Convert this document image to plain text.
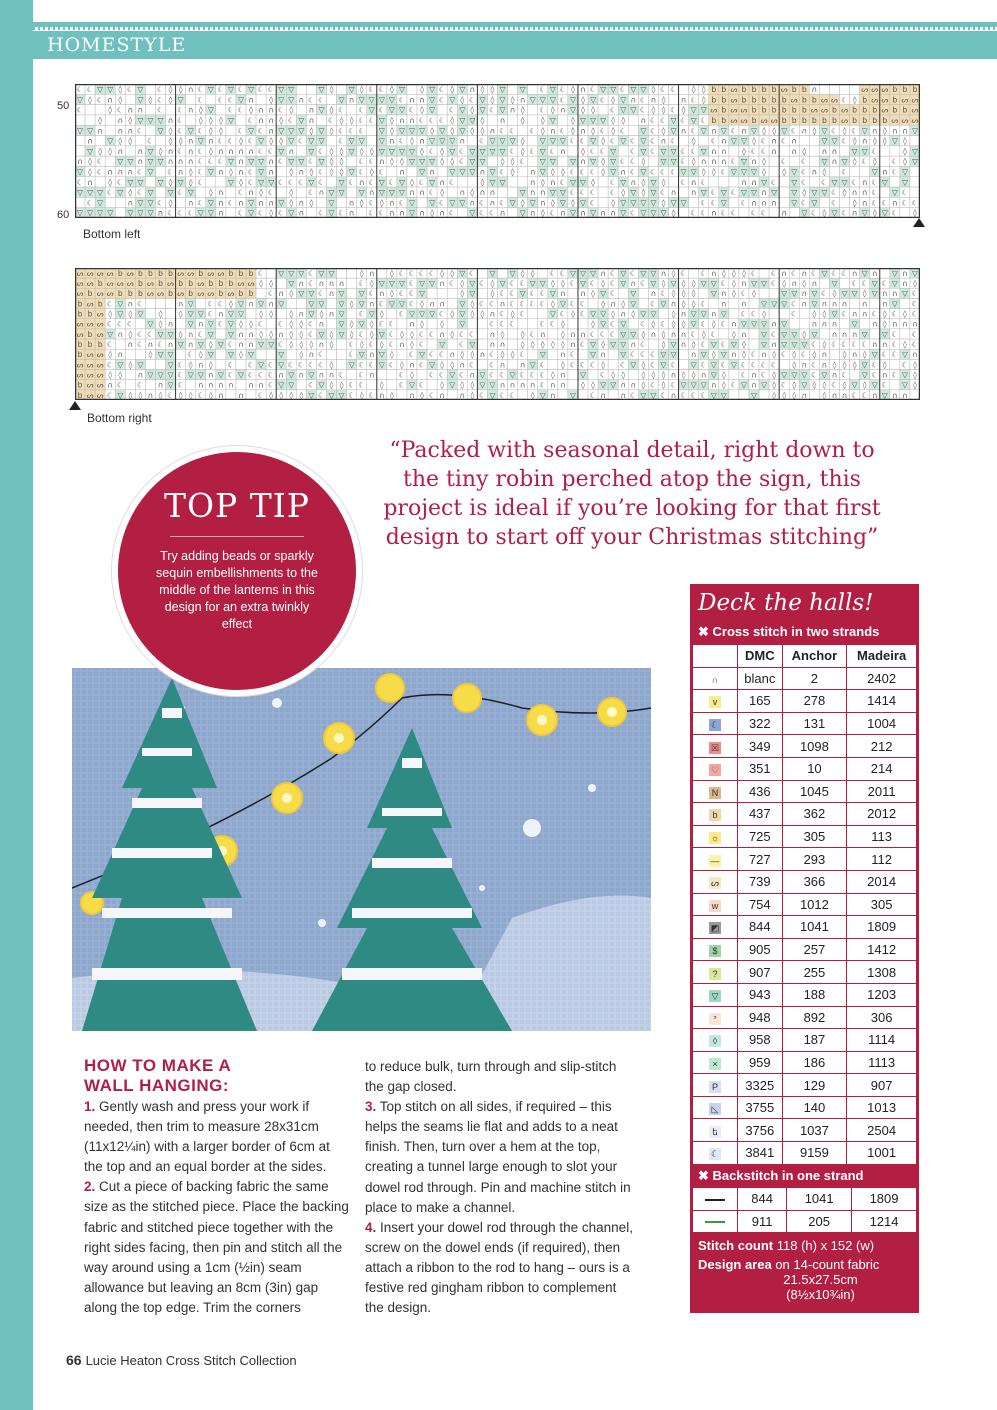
HOMESTYLE
50
60
☾ ☾ ▽ ▽ ◊ ☾ ▽ ☾ ◊ ◊ ∩ ☾ ▽ ☾ ▽ ☾ ▽ ☾ ☾ ▽ ▽	▽ ◊ ▽ ◊ ☾ ☾ ◊ ▽ ◊ ▽ ☾ ◊ ▽ ∩ ◊ ◊ ▽ ▽ ☾ ▽ ☾ ◊ ∩ ☾ ▽ ▽ ☾ ▽ ▽ ◊ ☾ ☾ ◊ ◊ b b ᔕ b b b b ᔕ b b ∩	ᔕ ᔕ ᔕ b b b
▽ ◊ ☾ ∩ ◊ ▽ ◊ ☾ ◊ ▽ ☾ ☾ ☾ ▽ ∩ ◊ ▽ ▽ ∩ ☾ ☾ ▽ ∩ ▽ ▽ ▽ ▽ ☾ ∩ ∩ ▽ ☾ ▽ ◊ ☾ ▽ ◊ ▽ ◊ ∩ ▽ ▽ ▽ ☾ ▽ ◊ ▽ ☾ ◊ ▽ ∩ ☾ ∩ ◊ ∩ ☾ ◊ b b ᔕ b b b b b ᔕ b b ᔕ ᔕ ☾ ◊ b ᔕ ᔕ b ᔕ ᔕ
☾	◊ ☾ ∩ ∩ ☾ ☾ ∩ ◊ ▽ ☾ ☾ ◊ ∩ ∩ ☾ ◊ ∩ ▽ ◊ ☾ ☾ ▽ ☾ ▽ ▽ ☾ ◊ ▽ ☾ ▽ ◊ ▽ ☾ ▽ ∩ ◊ ☾ ◊ ∩ ▽ ◊ ◊ ☾ ▽ ▽ ☾ ◊ ◊ ☾ ◊ ▽ ▽ ᔕ b ᔕ ᔕ b b b b b b ᔕ ᔕ b ᔕ b b b ᔕ b b ᔕ
◊ ∩ ◊ ▽ ▽ ▽ ∩ ☾ ◊ ◊ ◊ ▽ ☾ ∩ ∩ ◊ ☾ ▽ ∩ ☾ ◊ ◊ ☾ ☾ ▽ ◊ ∩ ∩ ☾ ☾ ☾ ◊ ▽ ▽ ◊ ∩ ◊ ◊ ▽ ◊ ▽ ▽ ▽ ◊ ◊ ∩ ☾ ☾ ▽ ☾ ▽ ☾ b b ᔕ ᔕ b ᔕ ᔕ b b b b b b ᔕ b b b b ᔕ ᔕ ᔕ
▽ ▽ ∩ ∩ ∩ ☾ ▽ ◊ ☾ ▽ ☾ ◊ ◊ ☾ ▽ ☾ ∩ ▽ ▽ ▽ ◊ ▽ ◊ ☾ ☾ ☾ ▽ ◊ ▽ ▽ ▽ ◊ ▽ ◊ ▽ ◊ ◊ ∩ ☾ ☾ ☾ ◊ ∩ ☾ ◊ ∩ ◊ ☾ ◊ ☾ ▽ ☾ ◊ ▽ ∩ ☾ ▽ ∩ ▽ ☾ ∩ ▽ ◊ ◊ ▽ ☾ ∩ ◊ ▽ ☾ ◊ ☾ ▽ ∩ ◊ ∩ ∩ ▽
∩ ▽ ◊ ◊ ☾ ◊ ◊ ∩ ▽ ∩ ☾ ☾ ◊ ☾ ▽ ◊ ◊ ▽ ☾ ▽ ▽ ☾ ▽ ▽ ▽ ∩ ☾ ◊ ∩ ▽ ▽ ▽ ∩ ☾ ▽ ▽ ▽ ◊ ▽ ▽ ▽ ☾ ☾ ▽ ◊ ☾ ▽ ☾ ▽ ☾ ∩ ☾ ◊ ☾ ∩ ▽ ▽ ◊ ☾ ∩ ☾ ∩	▽ ▽ ☾ ◊ ∩ ◊ ◊ ▽ ◊
▽ ◊ ◊ ∩ ∩ ▽ ◊ ∩ ☾ ∩ ☾ ◊ ∩ ∩ ∩ ∩ ☾ ☾ ▽ ∩ ▽ ☾ ◊ ◊ ▽ ◊ ◊ ▽ ▽ ▽ ▽ ◊ ☾ ◊ ▽ ☾ ▽ ▽ ▽ ▽ ☾ ◊ ☾ ▽ ☾ ∩ ◊ ☾ ☾ ▽ ☾ ▽ ☾ ▽ ▽ ☾ ☾ ▽ ∩ ∩ ◊ ☾ ☾ ∩ ∩ ◊ ∩ ∩ ▽ ▽ ☾	◊ ▽
∩ ◊ ☾ ▽ ▽ ∩ ▽ ▽ ∩ ∩ ∩ ☾ ☾ ☾ ▽ ∩ ▽ ▽ ∩ ☾ ▽ ▽ ☾ ▽ ◊ ◊ ☾ ☾ ∩ ◊ ◊ ▽ ▽ ▽ ◊ ◊ ☾ ▽ ▽ ◊ ◊ ☾ ▽ ▽ ▽ ∩ ▽ ◊ ▽ ☾ ☾ ◊ ▽ ▽ ☾ ◊ ∩ ∩ ∩ ☾ ▽ ∩ ◊ ☾ ☾ ▽ ∩ ▽ ◊ ☾ ◊ ☾ ◊ ▽
▽ ◊ ☾ ∩ ∩ ∩ ☾ ▽ ☾ ∩ ◊ ☾ ▽ ∩ ◊ ∩ ☾ ▽ ∩ ◊ ∩ ◊ ☾ ◊ ◊ ▽ ☾ ◊ ☾ ∩ ▽ ∩ ▽ ▽ ▽ ∩ ▽ ☾ ◊ ∩ ▽ ◊ ◊ ☾ ☾ ☾ ◊ ▽ ∩ ☾ ▽ ☾ ☾ ☾ ▽ ▽ ◊ ◊ ☾ ▽ ▽ ▽ ◊ ◊ ▽ ☾ ∩ ◊ ☾	▽ ∩ ☾ ▽
☾ ∩ ◊ ☾ ▽ ▽ ▽ ◊ ▽ ◊ ☾	▽ ◊ ☾ ▽ ▽ ☾ ☾ ☾ ▽ ☾ ▽ ☾ ∩ ☾ ▽ ☾ ▽ ◊ ☾ ▽ ∩ ☾	◊ ▽ ▽	∩ ◊ ∩ ☾ ▽ ▽ ◊ ☾ ▽ ∩ ◊ ▽ ◊ ☾ ∩ ☾	∩ ∩ ▽ ☾ ▽ ☾ ☾ ▽ ▽ ☾ ∩ ☾ ▽ ▽
▽ ▽ ▽ ☾ ▽ ◊ ☾ ▽ ▽ ☾ ▽ ◊ ∩ ☾ ∩ ◊ ☾ ◊ ☾ ∩ ▽ ▽ ▽ ∩ ▽ ▽ ▽ ∩ ∩ ☾ ◊ ∩ ◊ ∩ ∩	▽ ∩ ∩ ▽ ▽ ☾ ☾ ☾ ☾ ◊ ▽ ◊ ▽ ☾ ∩ ∩ ▽ ☾ ▽ ☾ ▽ ▽ ∩ ▽ ▽ ◊ ▽ ▽ ☾ ◊ ∩ ∩ ☾ ▽ ☾
☾ ▽	∩ ▽ ▽ ☾ ◊ ∩ ☾ ▽ ∩ ☾ ∩ ▽ ∩ ∩ ▽ ◊ ∩ ◊ ▽ ∩ ◊ ☾ ◊ ∩ ☾ ▽ ▽ ☾ ▽ ▽ ∩ ☾ ∩ ☾ ▽ ◊ ▽ ∩ ◊ ▽ ◊ ▽ ☾ ◊ ▽ ▽ ▽ ▽ ◊ ▽ ▽ ☾ ☾ ▽ ☾ ∩ ∩ ∩ ▽ ☾ ▽ ☾ ◊ ∩ ☾ ☾ ∩ ☾ ☾
▽ ▽ ▽ ▽ ▽ ▽ ▽ ∩ ☾ ☾ ☾ ▽ ▽ ∩ ☾ ▽ ☾ ◊ ☾ ▽ ∩ ☾ ▽ ☾ ∩ ☾ ☾ ∩ ∩ ▽ ∩ ◊ ∩ ☾ ▽ ☾ ☾ ∩ ▽ ∩ ◊ ☾ ∩ ▽ ∩ ▽ ∩ ∩ ▽ ☾ ▽ ▽ ▽ ◊ ☾ ☾ ∩ ☾ ☾ ☾ ☾ ∩ ▽ ☾ ◊ ▽ ☾ ∩ ▽ ◊ ▽ ☾ ◊
Bottom left
ᔕ ᔕ ᔕ ᔕ b ᔕ b b b b ᔕ ᔕ b ᔕ ᔕ b b b ☾ ▽ ▽ ▽ ☾ ▽ ▽	◊ ∩ ◊ ☾ ☾ ☾ ☾ ◊ ◊ ▽ ☾ ▽ ▽ ◊ ◊ ☾ ☾ ▽ ▽ ▽ ∩ ☾ ▽ ☾ ▽ ▽ ∩ ◊ ☾ ☾ ∩ ◊ ◊ ◊ ☾ ☾ ∩ ☾ ∩ ☾ ▽ ☾ ☾ ∩ ▽ ∩ ▽ ∩ ▽
ᔕ ᔕ b ᔕ ᔕ ᔕ b ᔕ b ᔕ b b ᔕ b b b ᔕ ᔕ ◊ ◊ ▽ ∩ ☾ ∩ ∩ ∩ ☾ ◊ ▽ ▽ ▽ ☾ ▽ ▽ ∩ ☾ ◊ ▽ ☾ ◊ ▽ ☾ ☾ ▽ ▽ ◊ ◊ ☾ ▽ ☾ ◊ ☾ ▽ ∩ ☾ ▽ ◊ ▽ ◊ ◊ ▽ ▽ ☾ ◊ ∩ ▽ ▽ ☾ ◊ ∩ ◊ ∩ ▽ ☾ ☾ ▽ ☾ ▽ ∩ ◊
ᔕ b ᔕ ᔕ b b b ᔕ ᔕ b ᔕ b ᔕ ᔕ b ᔕ b b ☾ ∩ ◊ ▽ ▽ ☾ ∩ ▽ ▽ ☾ ∩ ◊ ☾ ☾ ▽	◊ ▽ ◊ ☾ ☾ ▽ ☾ ☾ ▽ ∩ ∩ ◊ ▽ ☾ ▽ ∩ ☾ ◊ ◊ ◊ ▽ ∩ ◊ ☾ ◊	▽ ▽ ∩ ▽ ☾ ◊ ▽ ▽ ◊ ▽ ∩ ∩ ▽ ☾
b ᔕ b ☾ ▽ ∩ ☾	∩ ▽ ☾ ☾ ◊ ▽ ∩ ▽ ∩ ▽	▽ ▽ ▽ ◊ ▽ ∩ ☾ ▽ ▽ ☾ ◊ ∩ ∩ ▽ ◊ ☾ ☾ ∩ ☾ ☾ ☾ ☾ ◊ ▽ ☾ ☾ ◊ ∩ ◊ ▽ ☾ ▽ ∩ ◊ ◊ ☾ ∩ ∩ ▽ ▽ ▽ ☾ ∩ ▽ ∩ ∩ ∩ ∩ ∩ ▽ ☾
b b ᔕ ◊ ▽ ◊ ▽ ◊ ◊ ▽ ▽ ☾ ∩ ▽ ▽ ◊ ◊ ◊ ∩ ▽ ◊ ∩ ▽ ☾ ▽ ◊ ☾ ▽ ▽ ▽ ☾ ◊ ▽ ◊ ◊ ∩ ☾ ◊ ☾	▽ ☾ ◊ ☾ ▽ ▽ ◊ ∩ ◊ ▽ ▽ ◊ ∩ ▽ ▽ ∩ ▽ ☾ ☾ ◊	☾ ◊ ◊ ▽ ☾ ∩ ∩ ☾ ◊ ☾ ◊ ☾
ᔕ ᔕ ᔕ ☾ ☾ ☾ ▽ ◊ ∩ ▽ ∩ ▽ ☾ ▽ ◊ ◊ ☾ ☾ ◊ ◊ ☾ ∩ ▽ ◊ ▽ ◊ ☾ ☾ ∩ ◊ ◊ ▽	☾ ☾ ☾	☾ ☾ ◊	◊ ▽ ☾ ▽ ☾ ◊ ☾ ◊ ◊ ▽ ☾ ◊ ☾ ∩ ▽ ▽ ▽ ∩ ▽	∩ ∩ ∩ ▽ ∩ ◊ ∩ ∩ ∩
ᔕ b ᔕ ▽ ∩ ◊ ☾ ☾ ▽ ▽ ◊ ∩ ☾ ▽ ▽ ∩ ∩ ◊ ◊ ∩ ◊ ◊ ☾ ▽ ◊ ▽ ◊ ☾ ◊ ▽ ☾ ◊ ◊ ☾ ☾ ∩ ◊ ☾ ☾ ∩ ◊ ◊ ☾ ∩ ◊ ∩ ∩ ☾ ☾ ☾ ▽ ▽ ◊ ∩ ◊ ∩ ∩ ☾ ◊ ☾ ◊ ∩ ▽ ☾ ▽ ▽ ◊ ▽ ∩ ∩ ∩ ▽ ▽ ☾ ☾
b b b ☾ ∩ ☾ ∩ ☾ ∩ ▽ ∩ ▽ ◊ ▽ ☾ ∩ ∩ ▽ ▽ ☾ ◊ ◊ ◊ ∩ ◊ ☾ ◊ ☾ ◊ ☾ ∩ ◊ ☾ ▽ ☾ ▽ ∩ ∩ ◊ ◊ ◊ ◊ ◊ ∩ ☾ ▽ ◊ ▽ ▽ ∩ ☾ ◊ ▽ ∩ ◊ ☾ ▽ ☾ ▽ ◊ ▽ ∩ ▽ ▽ ▽ ☾ ◊ ☾ ☾ ☾ ☾ ∩ ∩ ☾ ◊ ☾
b ᔕ ᔕ ◊ ∩	◊ ▽ ▽ ☾ ◊ ▽ ▽ ◊ ▽	▽ ◊ ∩ ☾	☾ ▽ ∩ ▽ ◊ ☾ ▽ ☾ ☾ ∩ ◊ ◊ ∩ ☾ ◊ ◊ ☾ ▽ ∩ ☾ ▽ ∩ ▽ ☾ ☾ ☾ ▽ ▽ ∩ ▽ ◊ ▽ ∩ ◊ ☾ ∩ ◊ ☾ ◊ ☾ ◊ ∩ ◊ ∩ ◊ ▽ ☾ ☾ ▽ ∩
ᔕ ᔕ ᔕ ☾ ▽ ◊ ▽	▽ ☾ ◊ ∩ ◊ ☾ ☾ ▽ ☾ ▽ ☾ ☾ ☾ ☾ ◊ ▽ ☾ ☾ ▽ ☾ ◊ ∩ ☾ ▽ ◊ ◊ ∩ ☾ ☾ ∩ ∩ ▽ ☾ ◊ ☾ ☾ ☾ ◊ ☾ ▽ ◊ ☾ ▽ ☾ ▽ ☾ ▽ ☾ ▽ ☾ ☾ ☾ ☾ ◊ ∩ ☾ ∩ ◊ ◊ ◊ ▽ ☾ ◊ ☾ ◊
ᔕ ᔕ ᔕ ◊ ◊ ∩ ▽ ▽ ▽ ☾ ▽ ▽ ∩ ▽ ☾ ▽ ☾ ☾ ☾ ∩ ▽ ∩ ▽ ∩ ∩ ☾ ☾ ∩	☾ ◊ ☾ ☾ ▽ ☾ ∩ ▽ ☾ ☾ ▽ ☾ ☾ ☾ ◊ ∩ ▽ ☾ ◊ ◊ ◊ ◊ ◊ ∩ ◊ ◊ ∩ ▽ ◊ ☾ ∩ ☾ ◊ ▽ ▽ ▽ ☾ ▽ ∩ ☾ ▽ ☾ ∩ ☾ ▽ ◊
b ᔕ ᔕ ∩ ☾ ☾ ∩ ▽ ☾ ∩ ∩ ∩ ∩ ∩ ∩ ☾ ▽ ▽ ☾ ▽ ◊ ◊ ☾ ☾ ◊ ☾ ▽ ☾ ◊ ▽ ◊ ◊ ▽ ▽ ∩ ∩ ∩ ∩ ☾ ∩ ∩ ◊ ◊ ▽ ▽ ∩ ∩ ◊ ☾ ◊ ☾ ▽ ▽ ▽ ∩ ◊ ☾ ▽ ∩ ▽ ◊ ☾ ◊ ▽ ◊ ◊ ☾ ◊ ▽ ◊ ▽ ☾ ▽ ◊
b ᔕ ᔕ ☾ ▽ ◊ ◊ ∩ ◊ ☾ ◊ ◊ ☾ ◊ ∩ ∩ ☾ ◊ ◊ ◊ ◊ ▽ ☾ ▽ ▽ ☾ ◊ ☾ ∩ ◊ ∩ ◊ ☾ ∩ ∩ ◊ ☾ ▽ ☾ ☾ ◊ ▽ ∩ ▽ ☾ ∩ ∩ ☾ ▽ ▽ ☾ ∩ ☾ ☾ ☾ ▽ ▽	▽ ◊ ◊ ◊ ∩ ◊ ∩ ∩ ☾ ☾ ∩ ▽ ∩ ∩
Bottom right
“Packed with seasonal detail, right down to the tiny robin perched atop the sign, this project is ideal if you’re looking for that first design to start off your Christmas stitching”
TOP TIP
Try adding beads or sparkly sequin embellishments to the middle of the lanterns in this design for an extra twinkly effect
HOW TO MAKE A
WALL HANGING:
1. Gently wash and press your work if needed, then trim to measure 28x31cm (11x12¼in) with a larger border of 6cm at the top and an equal border at the sides.
2. Cut a piece of backing fabric the same size as the stitched piece. Place the backing fabric and stitched piece together with the right sides facing, then pin and stitch all the way around using a 1cm (½in) seam allowance but leaving an 8cm (3in) gap along the top edge. Trim the corners
to reduce bulk, turn through and slip-stitch the gap closed.
3. Top stitch on all sides, if required – this helps the seams lie flat and adds to a neat finish. Then, turn over a hem at the top, creating a tunnel large enough to slot your dowel rod through. Pin and machine stitch in place to make a channel.
4. Insert your dowel rod through the channel, screw on the dowel ends (if required), then attach a ribbon to the rod to hang – ours is a festive red gingham ribbon to complement the design.
Deck the halls!
✖ Cross stitch in two strands
	DMC	Anchor	Madeira
∩	blanc	2	2402
v	165	278	1414
☾	322	131	1004
☒	349	1098	212
♡	351	10	214
N	436	1045	2011
b	437	362	2012
☼	725	305	113
—	727	293	112
ᔕ	739	366	2014
w	754	1012	305
◩	844	1041	1809
$	905	257	1412
?	907	255	1308
▽	943	188	1203
ᐣ	948	892	306
◊	958	187	1114
×	959	186	1113
P	3325	129	907
◺	3755	140	1013
ե	3756	1037	2504
☾	3841	9159	1001
✖ Backstitch in one strand
	844	1041	1809
	911	205	1214
Stitch count 118 (h) x 152 (w)
Design area on 14-count fabric
21.5x27.5cm
(8½x10¾in)
66 Lucie Heaton Cross Stitch Collection
